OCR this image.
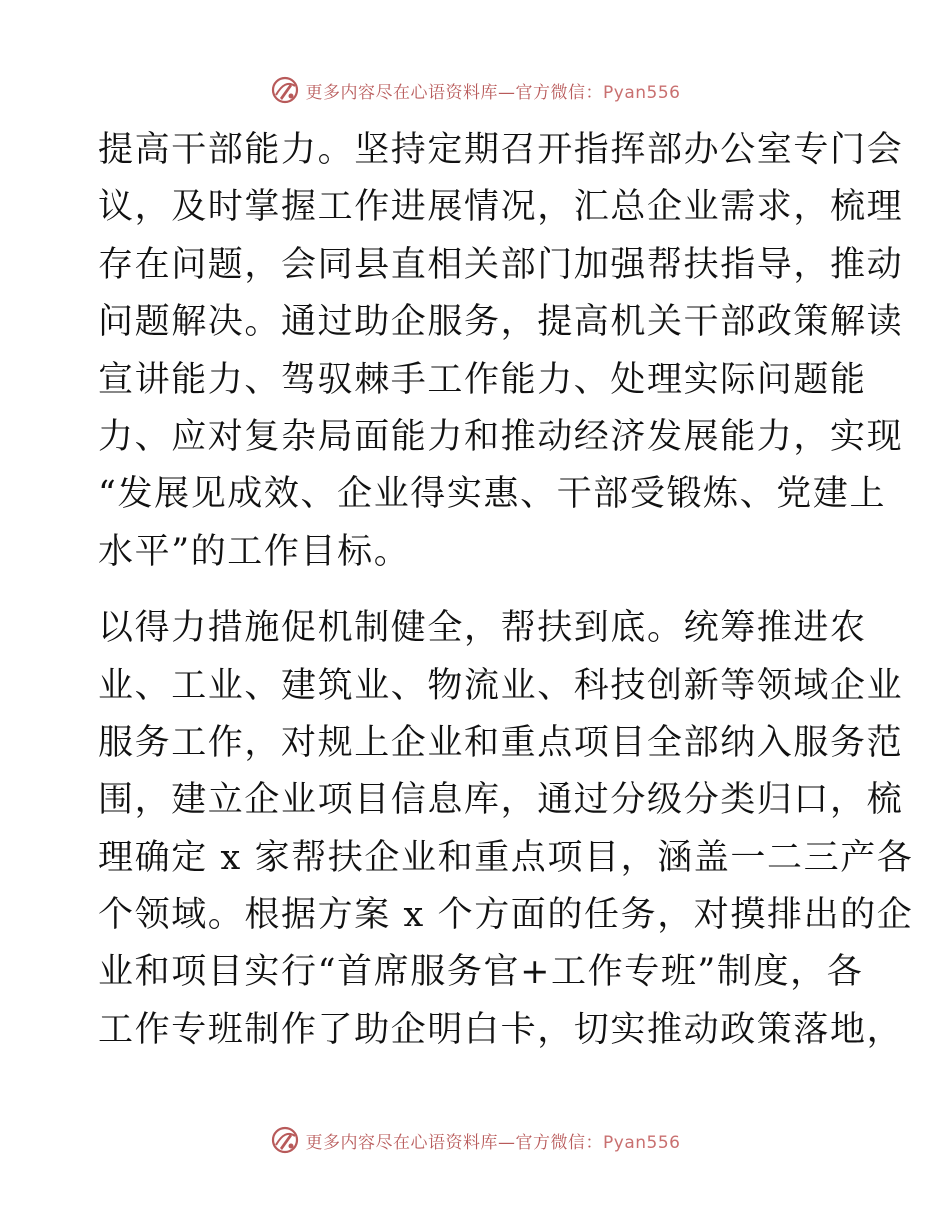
更多内容尽在心语资料库—官方微信：Pyan556
提高干部能力。坚持定期召开指挥部办公室专门会
议，及时掌握工作进展情况，汇总企业需求，梳理
存在问题，会同县直相关部门加强帮扶指导，推动
问题解决。通过助企服务，提高机关干部政策解读
宣讲能力、驾驭棘手工作能力、处理实际问题能
力、应对复杂局面能力和推动经济发展能力，实现
“发展见成效、企业得实惠、干部受锻炼、党建上
水平”的工作目标。
以得力措施促机制健全，帮扶到底。统筹推进农
业、工业、建筑业、物流业、科技创新等领域企业
服务工作，对规上企业和重点项目全部纳入服务范
围，建立企业项目信息库，通过分级分类归口，梳
理确定 x 家帮扶企业和重点项目，涵盖一二三产各
个领域。根据方案 x 个方面的任务，对摸排出的企
业和项目实行“首席服务官+工作专班”制度，各
工作专班制作了助企明白卡，切实推动政策落地，
更多内容尽在心语资料库—官方微信：Pyan556
